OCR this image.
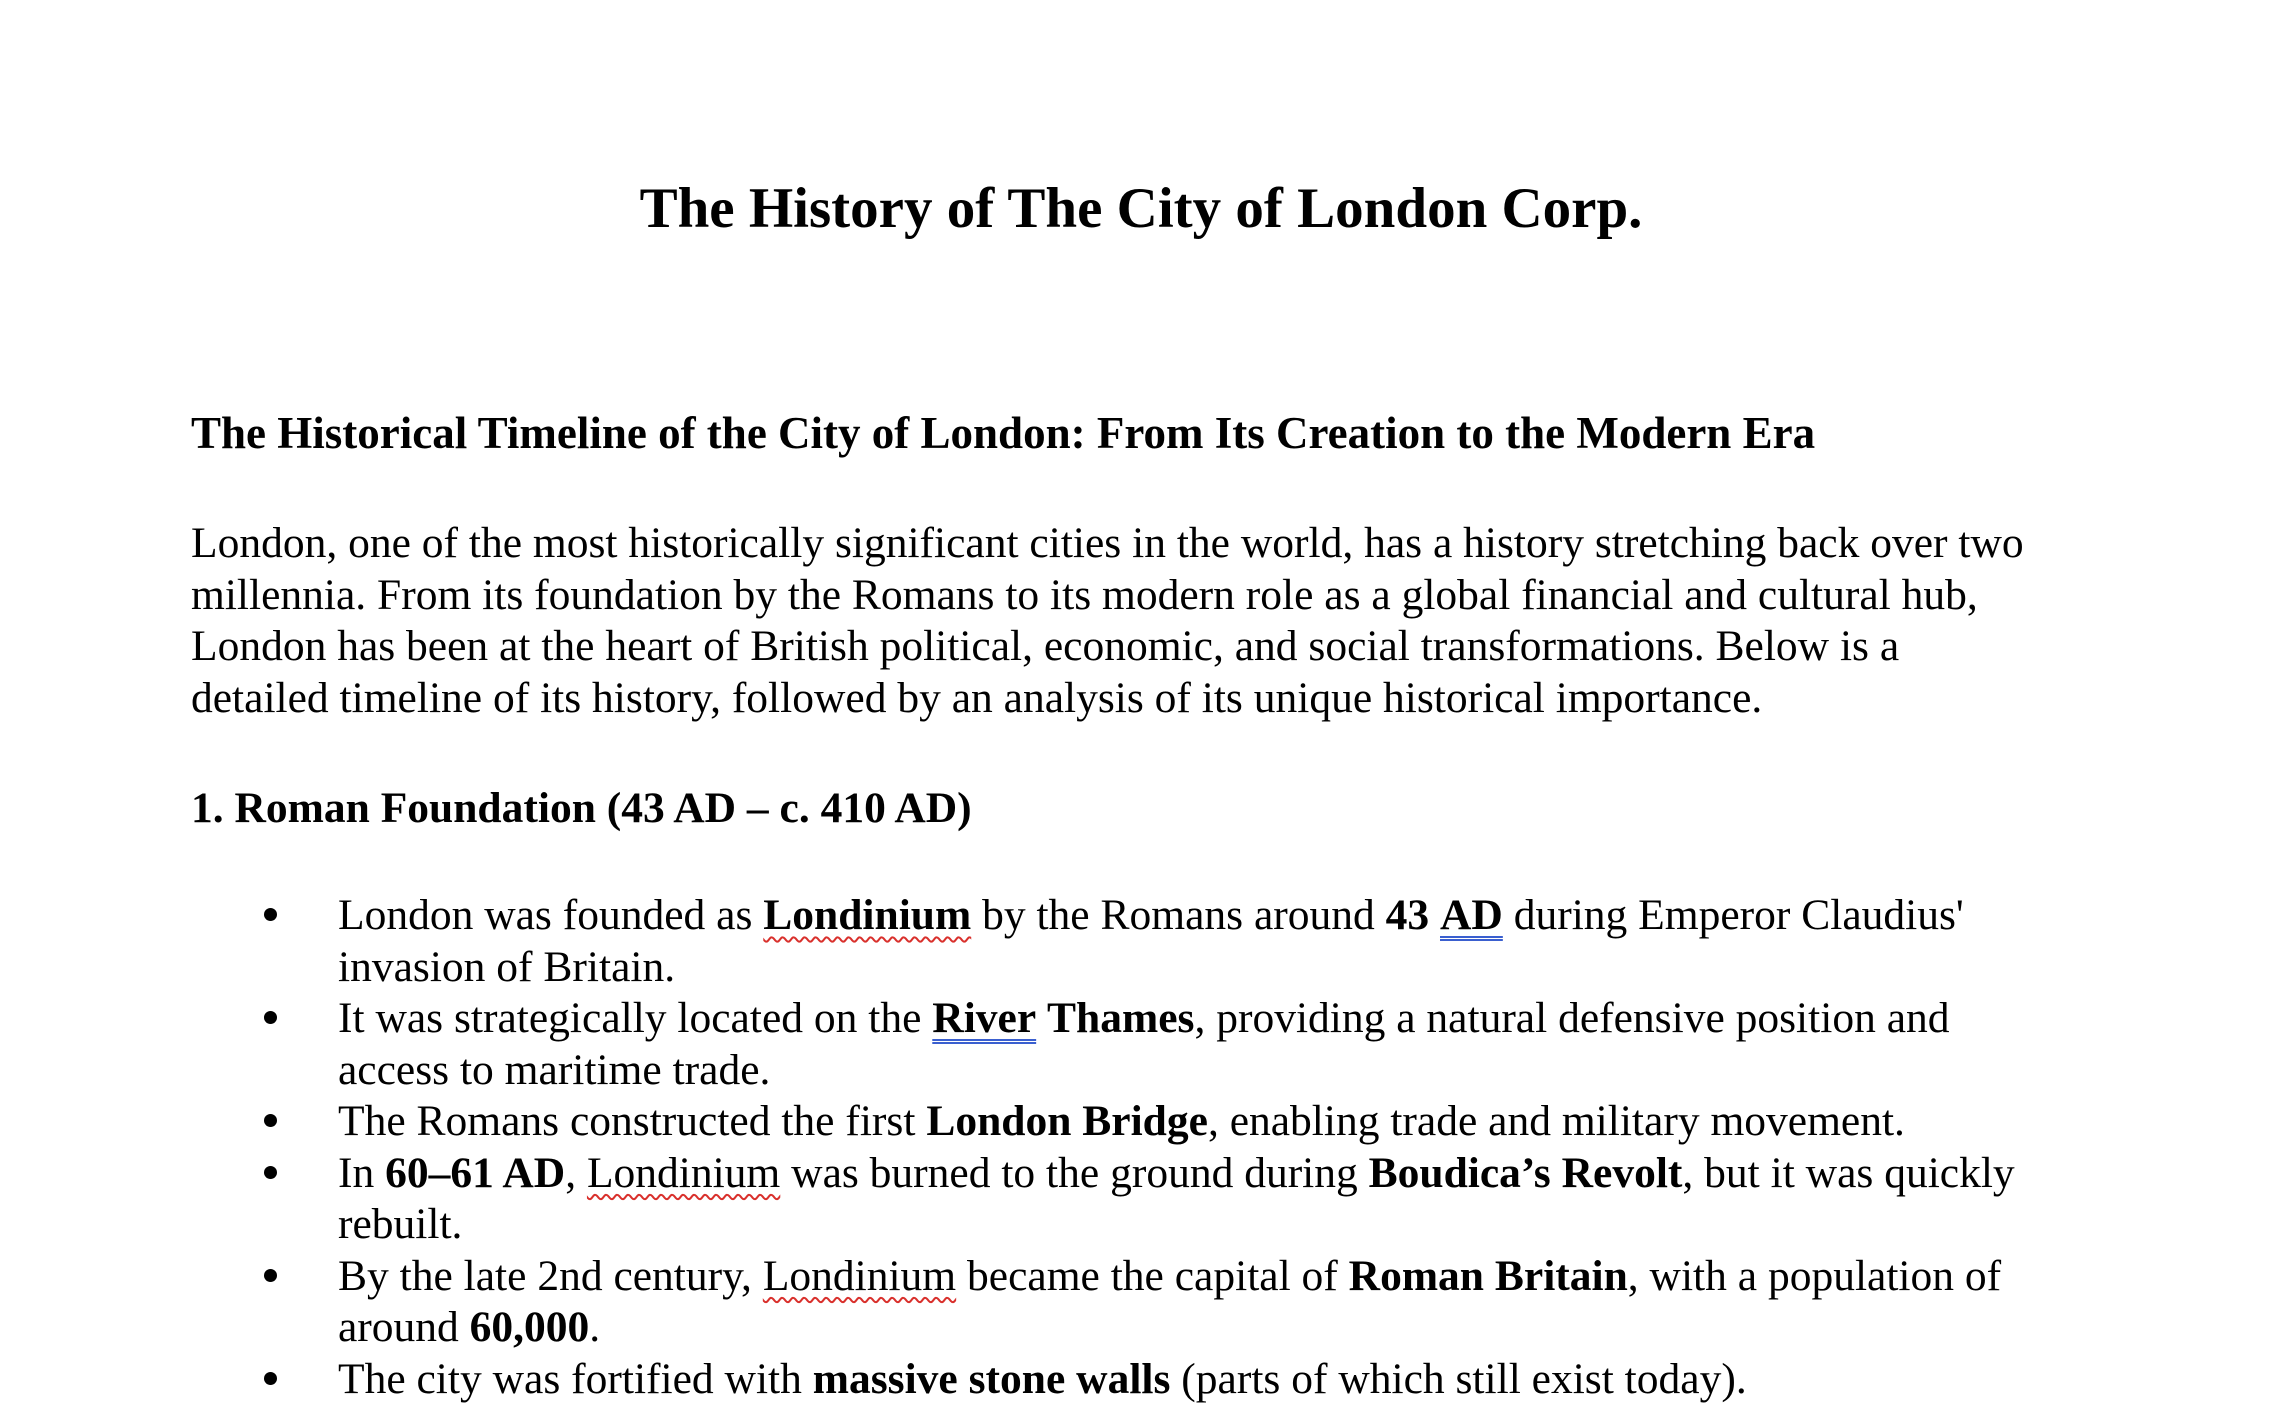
The History of The City of London Corp.
The Historical Timeline of the City of London: From Its Creation to the Modern Era

London, one of the most historically significant cities in the world, has a history stretching back over two
millennia. From its foundation by the Romans to its modern role as a global financial and cultural hub,
London has been at the heart of British political, economic, and social transformations. Below is a
detailed timeline of its history, followed by an analysis of its unique historical importance.

1. Roman Foundation (43 AD – c. 410 AD)
London was founded as Londinium by the Romans around 43 AD during Emperor Claudius'
invasion of Britain.
It was strategically located on the River Thames, providing a natural defensive position and
access to maritime trade.
The Romans constructed the first London Bridge, enabling trade and military movement.
In 60–61 AD, Londinium was burned to the ground during Boudica’s Revolt, but it was quickly
rebuilt.
By the late 2nd century, Londinium became the capital of Roman Britain, with a population of
around 60,000.
The city was fortified with massive stone walls (parts of which still exist today).
